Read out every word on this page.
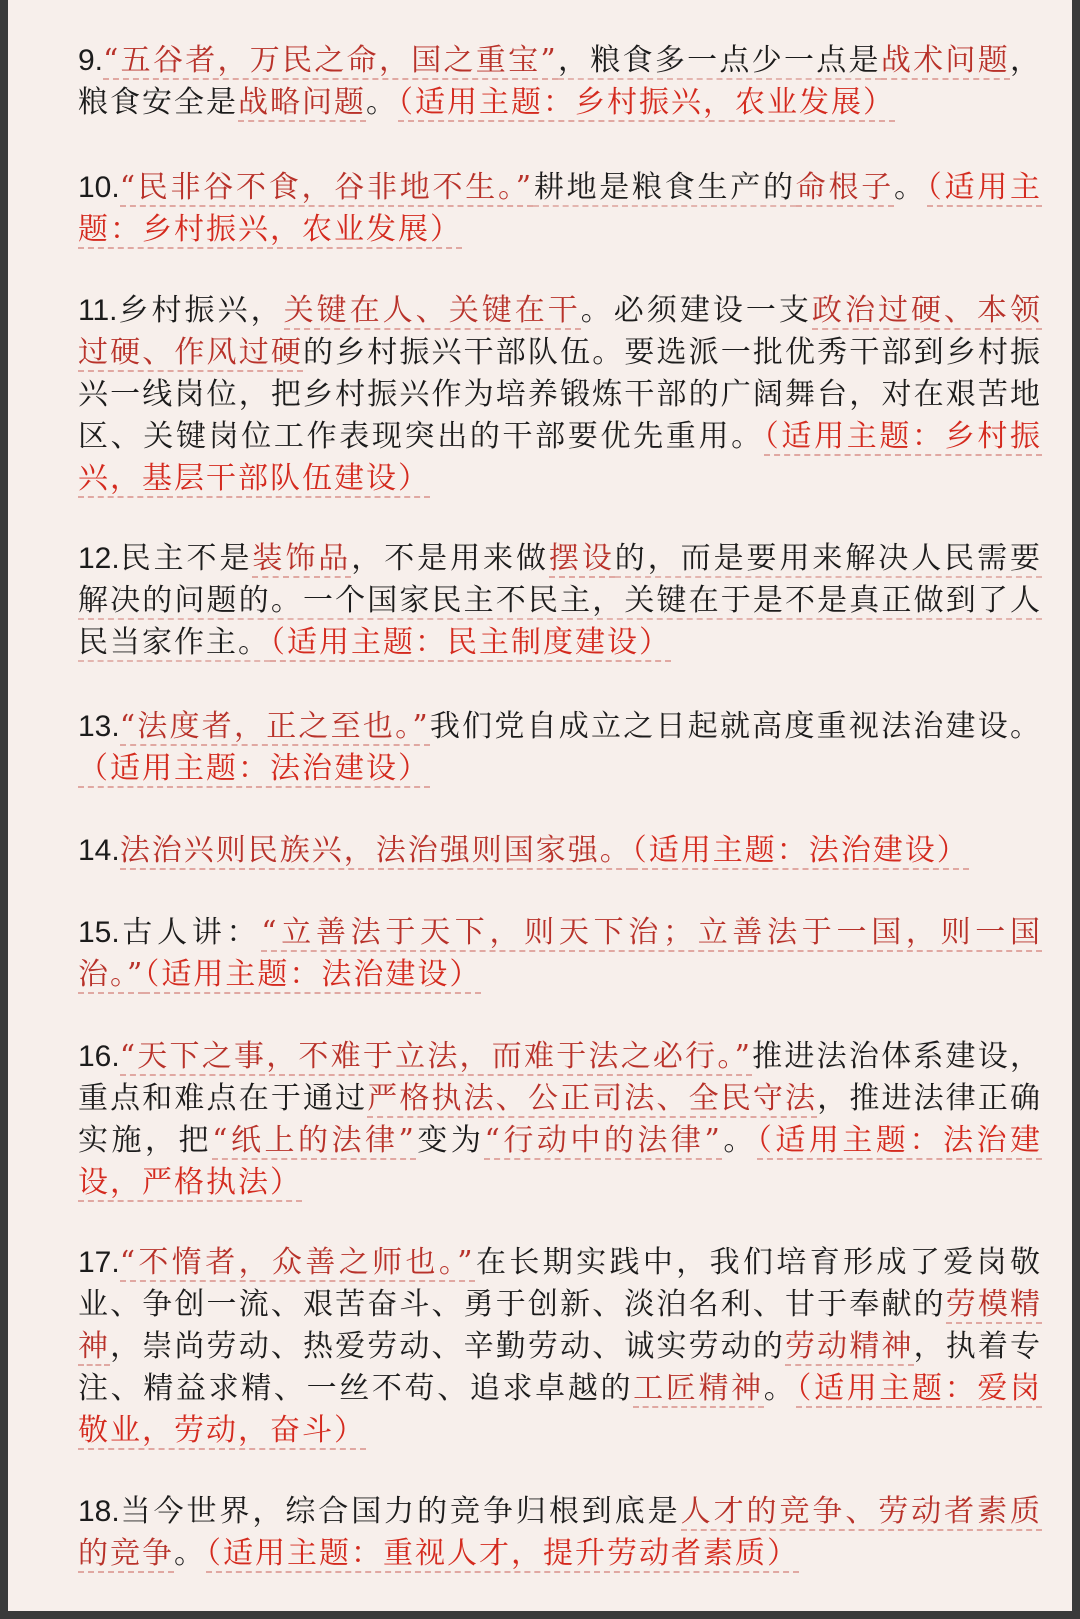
9.“五谷者，万民之命，国之重宝”，粮食多一点少一点是战术问题，粮食安全是战略问题。（适用主题：乡村振兴，农业发展）

10.“民非谷不食，谷非地不生。”耕地是粮食生产的命根子。（适用主题：乡村振兴，农业发展）

11.乡村振兴，关键在人、关键在干。必须建设一支政治过硬、本领过硬、作风过硬的乡村振兴干部队伍。要选派一批优秀干部到乡村振兴一线岗位，把乡村振兴作为培养锻炼干部的广阔舞台，对在艰苦地区、关键岗位工作表现突出的干部要优先重用。（适用主题：乡村振兴，基层干部队伍建设）

12.民主不是装饰品，不是用来做摆设的，而是要用来解决人民需要解决的问题的。一个国家民主不民主，关键在于是不是真正做到了人民当家作主。（适用主题：民主制度建设）

13.“法度者，正之至也。”我们党自成立之日起就高度重视法治建设。（适用主题：法治建设）

14.法治兴则民族兴，法治强则国家强。（适用主题：法治建设）

15.古人讲：“立善法于天下，则天下治；立善法于一国，则一国治。”（适用主题：法治建设）

16.“天下之事，不难于立法，而难于法之必行。”推进法治体系建设，重点和难点在于通过严格执法、公正司法、全民守法，推进法律正确实施，把“纸上的法律”变为“行动中的法律”。（适用主题：法治建设，严格执法）

17.“不惰者，众善之师也。”在长期实践中，我们培育形成了爱岗敬业、争创一流、艰苦奋斗、勇于创新、淡泊名利、甘于奉献的劳模精神，崇尚劳动、热爱劳动、辛勤劳动、诚实劳动的劳动精神，执着专注、精益求精、一丝不苟、追求卓越的工匠精神。（适用主题：爱岗敬业，劳动，奋斗）

18.当今世界，综合国力的竞争归根到底是人才的竞争、劳动者素质的竞争。（适用主题：重视人才，提升劳动者素质）
